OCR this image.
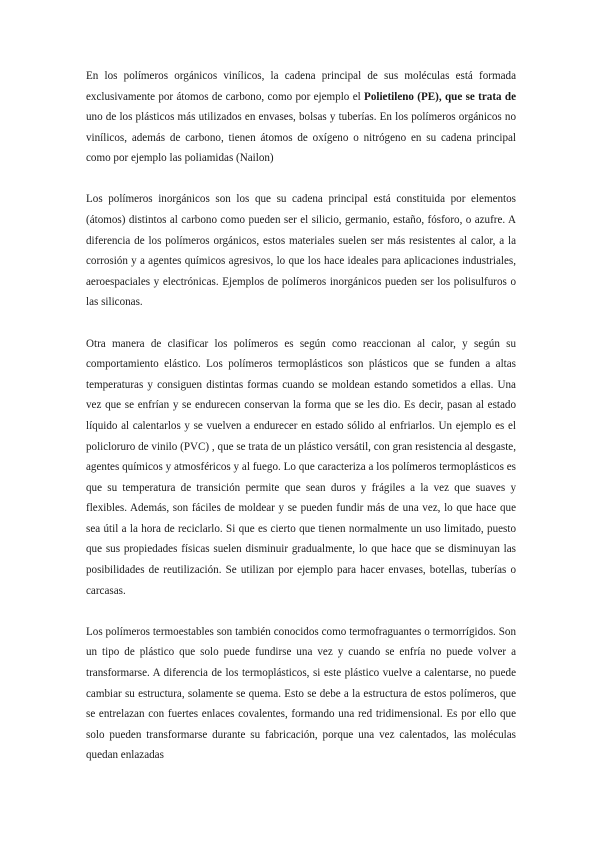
En los polímeros orgánicos vinílicos, la cadena principal de sus moléculas está formada exclusivamente por átomos de carbono, como por ejemplo el Polietileno (PE), que se trata de uno de los plásticos más utilizados en envases, bolsas y tuberías. En los polímeros orgánicos no vinílicos, además de carbono, tienen átomos de oxígeno o nitrógeno en su cadena principal como por ejemplo las poliamidas (Nailon)

Los polímeros inorgánicos son los que su cadena principal está constituida por elementos (átomos) distintos al carbono como pueden ser el silicio, germanio, estaño, fósforo, o azufre. A diferencia de los polímeros orgánicos, estos materiales suelen ser más resistentes al calor, a la corrosión y a agentes químicos agresivos, lo que los hace ideales para aplicaciones industriales, aeroespaciales y electrónicas. Ejemplos de polímeros inorgánicos pueden ser los polisulfuros o las siliconas.

Otra manera de clasificar los polímeros es según como reaccionan al calor, y según su comportamiento elástico. Los polímeros termoplásticos son plásticos que se funden a altas temperaturas y consiguen distintas formas cuando se moldean estando sometidos a ellas. Una vez que se enfrían y se endurecen conservan la forma que se les dio. Es decir, pasan al estado líquido al calentarlos y se vuelven a endurecer en estado sólido al enfriarlos. Un ejemplo es el policloruro de vinilo (PVC) , que se trata de un plástico versátil, con gran resistencia al desgaste, agentes químicos y atmosféricos y al fuego. Lo que caracteriza a los polímeros termoplásticos es que su temperatura de transición permite que sean duros y frágiles a la vez que suaves y flexibles. Además, son fáciles de moldear y se pueden fundir más de una vez, lo que hace que sea útil a la hora de reciclarlo. Si que es cierto que tienen normalmente un uso limitado, puesto que sus propiedades físicas suelen disminuir gradualmente, lo que hace que se disminuyan las posibilidades de reutilización. Se utilizan por ejemplo para hacer envases, botellas, tuberías o carcasas.

Los polímeros termoestables son también conocidos como termofraguantes o termorrígidos. Son un tipo de plástico que solo puede fundirse una vez y cuando se enfría no puede volver a transformarse. A diferencia de los termoplásticos, si este plástico vuelve a calentarse, no puede cambiar su estructura, solamente se quema. Esto se debe a la estructura de estos polímeros, que se entrelazan con fuertes enlaces covalentes, formando una red tridimensional. Es por ello que solo pueden transformarse durante su fabricación, porque una vez calentados, las moléculas quedan enlazadas
